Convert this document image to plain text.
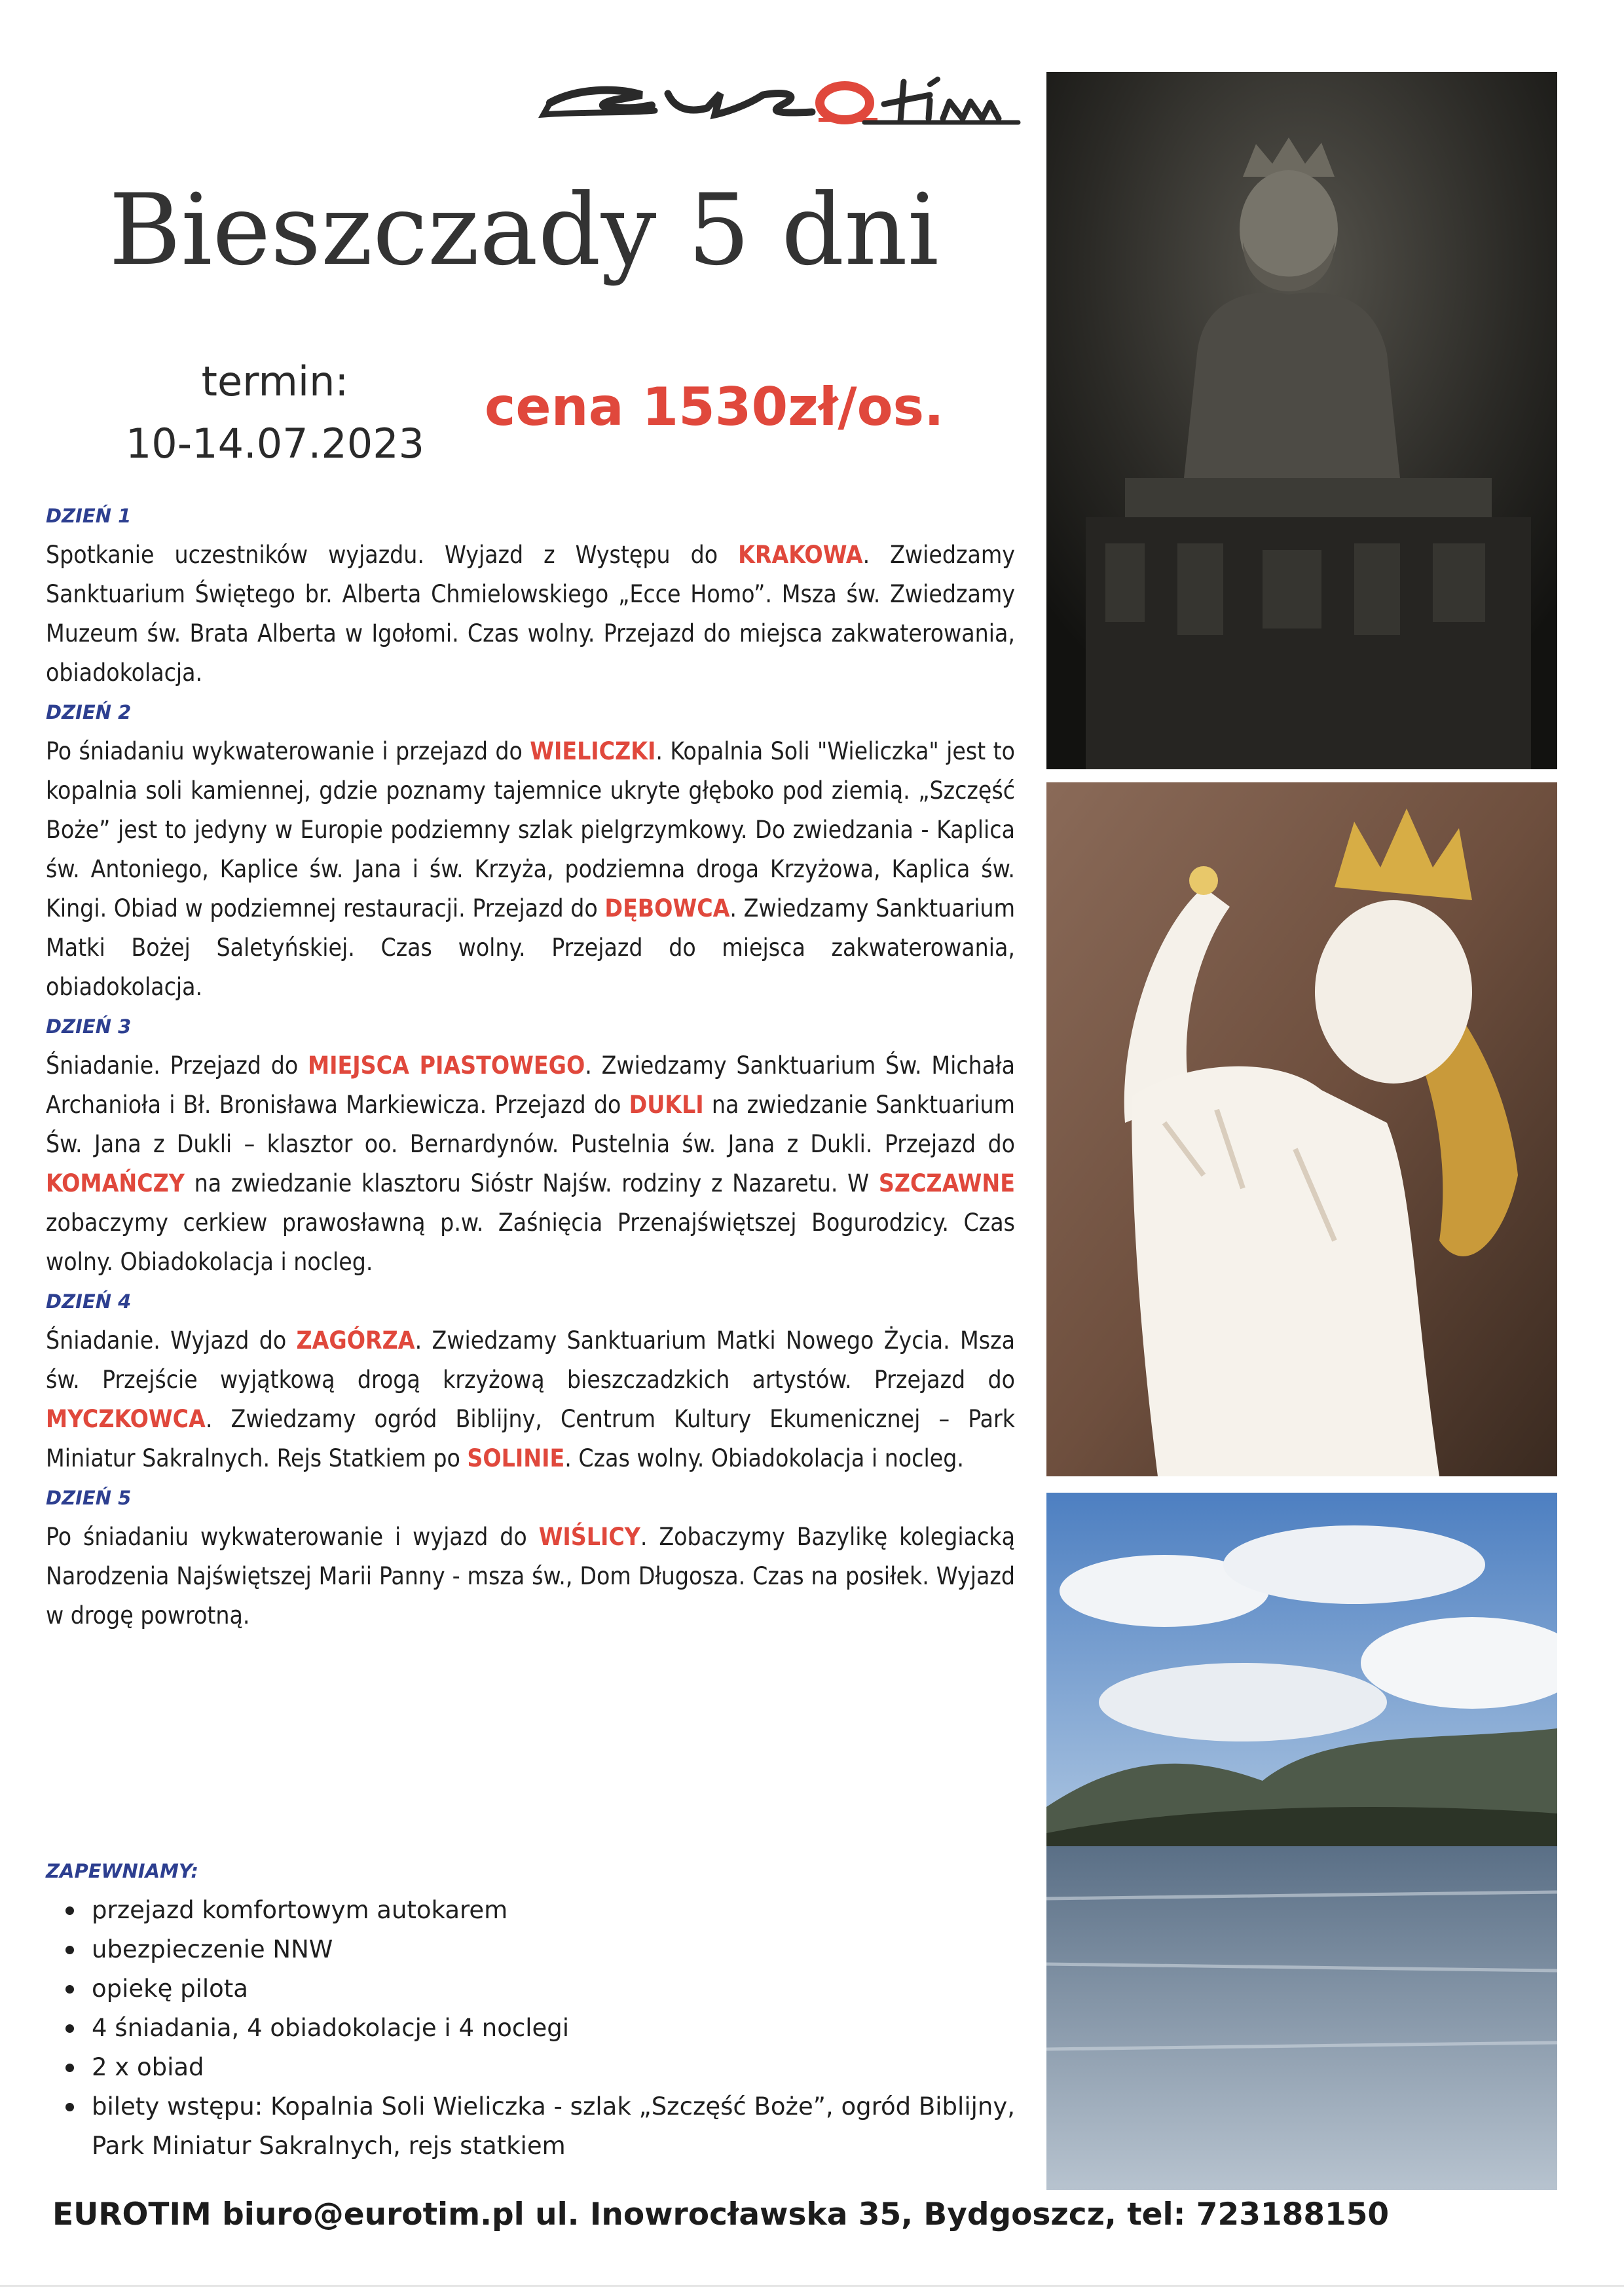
Bieszczady 5 dni
termin:
10-14.07.2023
cena 1530zł/os.
DZIEŃ 1

Spotkanie uczestników wyjazdu. Wyjazd z Występu do KRAKOWA. Zwiedzamy Sanktuarium Świętego br. Alberta Chmielowskiego „Ecce Homo”. Msza św. Zwiedzamy Muzeum św. Brata Alberta w Igołomi. Czas wolny. Przejazd do miejsca zakwaterowania, obiadokolacja.

DZIEŃ 2

Po śniadaniu wykwaterowanie i przejazd do WIELICZKI. Kopalnia Soli "Wieliczka" jest to kopalnia soli kamiennej, gdzie poznamy tajemnice ukryte głęboko pod ziemią. „Szczęść Boże” jest to jedyny w Europie podziemny szlak pielgrzymkowy. Do zwiedzania - Kaplica św. Antoniego, Kaplice św. Jana i św. Krzyża, podziemna droga Krzyżowa, Kaplica św. Kingi. Obiad w podziemnej restauracji. Przejazd do DĘBOWCA. Zwiedzamy Sanktuarium Matki Bożej Saletyńskiej. Czas wolny. Przejazd do miejsca zakwaterowania, obiadokolacja.

DZIEŃ 3

Śniadanie. Przejazd do MIEJSCA PIASTOWEGO. Zwiedzamy Sanktuarium Św. Michała Archanioła i Bł. Bronisława Markiewicza. Przejazd do DUKLI na zwiedzanie Sanktuarium Św. Jana z Dukli – klasztor oo. Bernardynów. Pustelnia św. Jana z Dukli. Przejazd do KOMAŃCZY na zwiedzanie klasztoru Sióstr Najśw. rodziny z Nazaretu. W SZCZAWNE zobaczymy cerkiew prawosławną p.w. Zaśnięcia Przenajświętszej Bogurodzicy. Czas wolny. Obiadokolacja i nocleg.

DZIEŃ 4

Śniadanie. Wyjazd do ZAGÓRZA. Zwiedzamy Sanktuarium Matki Nowego Życia. Msza św. Przejście wyjątkową drogą krzyżową bieszczadzkich artystów. Przejazd do MYCZKOWCA. Zwiedzamy ogród Biblijny, Centrum Kultury Ekumenicznej – Park Miniatur Sakralnych. Rejs Statkiem po SOLINIE. Czas wolny. Obiadokolacja i nocleg.

DZIEŃ 5

Po śniadaniu wykwaterowanie i wyjazd do WIŚLICY. Zobaczymy Bazylikę kolegiacką Narodzenia Najświętszej Marii Panny - msza św., Dom Długosza. Czas na posiłek. Wyjazd w drogę powrotną.

ZAPEWNIAMY:
przejazd komfortowym autokarem
ubezpieczenie NNW
opiekę pilota
4 śniadania, 4 obiadokolacje i 4 noclegi
2 x obiad
bilety wstępu: Kopalnia Soli Wieliczka - szlak „Szczęść Boże”, ogród Biblijny, Park Miniatur Sakralnych, rejs statkiem
EUROTIM biuro@eurotim.pl ul. Inowrocławska 35, Bydgoszcz, tel: 723188150
